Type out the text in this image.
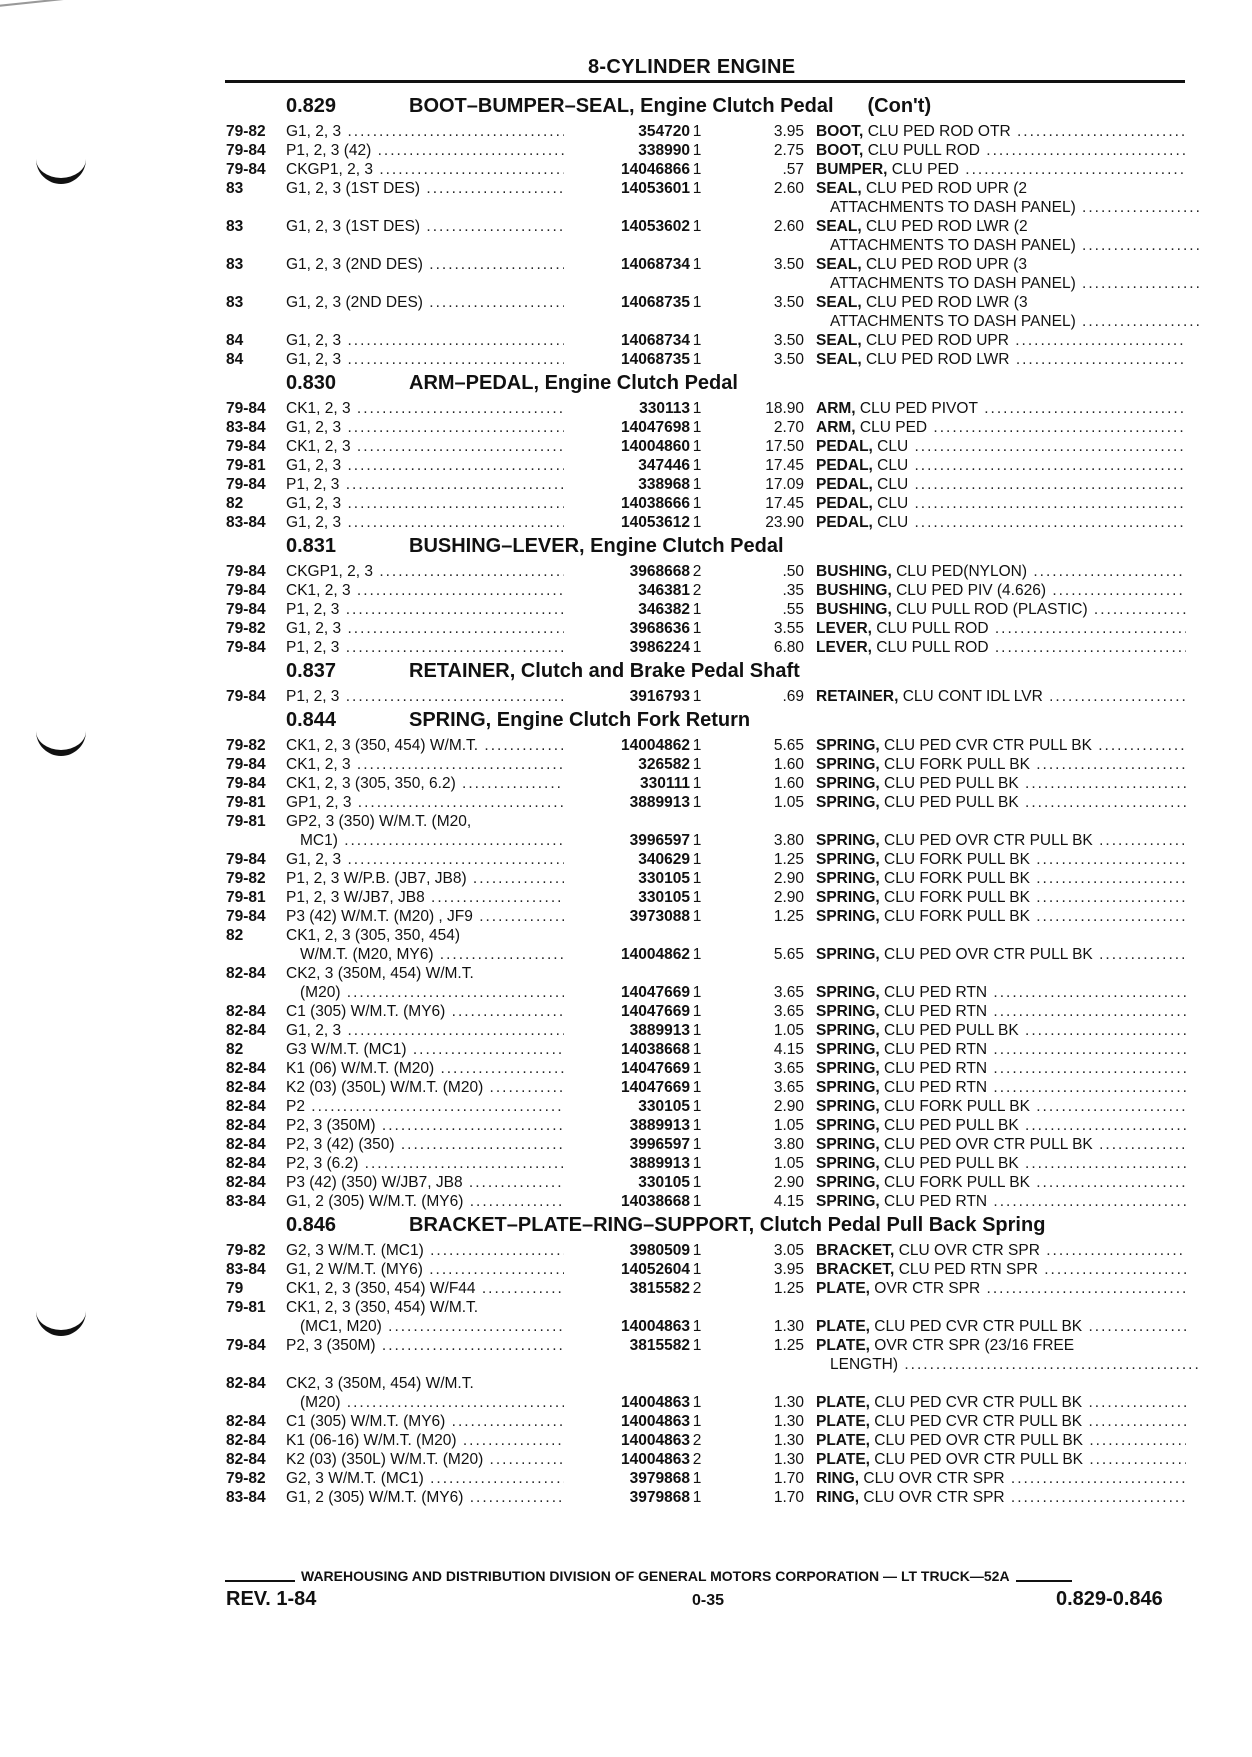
8-CYLINDER ENGINE
0.829	BOOT–BUMPER–SEAL, Engine Clutch Pedal (Con't)
79-82	G1, 2, 3 .....	354720 1	3.95 BOOT, CLU PED ROD OTR .....
79-84	P1, 2, 3 (42) .....	338990 1	2.75 BOOT, CLU PULL ROD .....
79-84	CKGP1, 2, 3 .....	14046866 1	.57 BUMPER, CLU PED .....
83	G1, 2, 3 (1ST DES) .....	14053601 1	2.60 SEAL, CLU PED ROD UPR (2
ATTACHMENTS TO DASH PANEL) .....
83	G1, 2, 3 (1ST DES) .....	14053602 1	2.60 SEAL, CLU PED ROD LWR (2
ATTACHMENTS TO DASH PANEL) .....
83	G1, 2, 3 (2ND DES) .....	14068734 1	3.50 SEAL, CLU PED ROD UPR (3
ATTACHMENTS TO DASH PANEL) .....
83	G1, 2, 3 (2ND DES) .....	14068735 1	3.50 SEAL, CLU PED ROD LWR (3
ATTACHMENTS TO DASH PANEL) .....
84	G1, 2, 3 .....	14068734 1	3.50 SEAL, CLU PED ROD UPR .....
84	G1, 2, 3 .....	14068735 1	3.50 SEAL, CLU PED ROD LWR .....
0.830	ARM–PEDAL, Engine Clutch Pedal
79-84	CK1, 2, 3 .....	330113 1	18.90 ARM, CLU PED PIVOT .....
83-84	G1, 2, 3 .....	14047698 1	2.70 ARM, CLU PED .....
79-84	CK1, 2, 3 .....	14004860 1	17.50 PEDAL, CLU .....
79-81	G1, 2, 3 .....	347446 1	17.45 PEDAL, CLU .....
79-84	P1, 2, 3 .....	338968 1	17.09 PEDAL, CLU .....
82	G1, 2, 3 .....	14038666 1	17.45 PEDAL, CLU .....
83-84	G1, 2, 3 .....	14053612 1	23.90 PEDAL, CLU .....
0.831	BUSHING–LEVER, Engine Clutch Pedal
79-84	CKGP1, 2, 3 .....	3968668 2	.50 BUSHING, CLU PED(NYLON) .....
79-84	CK1, 2, 3 .....	346381 2	.35 BUSHING, CLU PED PIV (4.626) .....
79-84	P1, 2, 3 .....	346382 1	.55 BUSHING, CLU PULL ROD (PLASTIC) .....
79-82	G1, 2, 3 .....	3968636 1	3.55 LEVER, CLU PULL ROD .....
79-84	P1, 2, 3 .....	3986224 1	6.80 LEVER, CLU PULL ROD .....
0.837	RETAINER, Clutch and Brake Pedal Shaft
79-84	P1, 2, 3 .....	3916793 1	.69 RETAINER, CLU CONT IDL LVR .....
0.844	SPRING, Engine Clutch Fork Return
79-82	CK1, 2, 3 (350, 454) W/M.T. .....	14004862 1	5.65 SPRING, CLU PED CVR CTR PULL BK .....
79-84	CK1, 2, 3 .....	326582 1	1.60 SPRING, CLU FORK PULL BK .....
79-84	CK1, 2, 3 (305, 350, 6.2) .....	330111 1	1.60 SPRING, CLU PED PULL BK .....
79-81	GP1, 2, 3 .....	3889913 1	1.05 SPRING, CLU PED PULL BK .....
79-81	GP2, 3 (350) W/M.T. (M20,
MC1) .....	3996597 1	3.80 SPRING, CLU PED OVR CTR PULL BK .....
79-84	G1, 2, 3 .....	340629 1	1.25 SPRING, CLU FORK PULL BK .....
79-82	P1, 2, 3 W/P.B. (JB7, JB8) .....	330105 1	2.90 SPRING, CLU FORK PULL BK .....
79-81	P1, 2, 3 W/JB7, JB8 .....	330105 1	2.90 SPRING, CLU FORK PULL BK .....
79-84	P3 (42) W/M.T. (M20) , JF9 .....	3973088 1	1.25 SPRING, CLU FORK PULL BK .....
82	CK1, 2, 3 (305, 350, 454)
W/M.T. (M20, MY6) .....	14004862 1	5.65 SPRING, CLU PED OVR CTR PULL BK .....
82-84	CK2, 3 (350M, 454) W/M.T.
(M20) .....	14047669 1	3.65 SPRING, CLU PED RTN .....
82-84	C1 (305) W/M.T. (MY6) .....	14047669 1	3.65 SPRING, CLU PED RTN .....
82-84	G1, 2, 3 .....	3889913 1	1.05 SPRING, CLU PED PULL BK .....
82	G3 W/M.T. (MC1) .....	14038668 1	4.15 SPRING, CLU PED RTN .....
82-84	K1 (06) W/M.T. (M20) .....	14047669 1	3.65 SPRING, CLU PED RTN .....
82-84	K2 (03) (350L) W/M.T. (M20) .....	14047669 1	3.65 SPRING, CLU PED RTN .....
82-84	P2 .....	330105 1	2.90 SPRING, CLU FORK PULL BK .....
82-84	P2, 3 (350M) .....	3889913 1	1.05 SPRING, CLU PED PULL BK .....
82-84	P2, 3 (42) (350) .....	3996597 1	3.80 SPRING, CLU PED OVR CTR PULL BK .....
82-84	P2, 3 (6.2) .....	3889913 1	1.05 SPRING, CLU PED PULL BK .....
82-84	P3 (42) (350) W/JB7, JB8 .....	330105 1	2.90 SPRING, CLU FORK PULL BK .....
83-84	G1, 2 (305) W/M.T. (MY6) .....	14038668 1	4.15 SPRING, CLU PED RTN .....
0.846	BRACKET–PLATE–RING–SUPPORT, Clutch Pedal Pull Back Spring
79-82	G2, 3 W/M.T. (MC1) .....	3980509 1	3.05 BRACKET, CLU OVR CTR SPR .....
83-84	G1, 2 W/M.T. (MY6) .....	14052604 1	3.95 BRACKET, CLU PED RTN SPR .....
79	CK1, 2, 3 (350, 454) W/F44 .....	3815582 2	1.25 PLATE, OVR CTR SPR .....
79-81	CK1, 2, 3 (350, 454) W/M.T.
(MC1, M20) .....	14004863 1	1.30 PLATE, CLU PED CVR CTR PULL BK .....
79-84	P2, 3 (350M) .....	3815582 1	1.25 PLATE, OVR CTR SPR (23/16 FREE
LENGTH) .....
82-84	CK2, 3 (350M, 454) W/M.T.
(M20) .....	14004863 1	1.30 PLATE, CLU PED CVR CTR PULL BK .....
82-84	C1 (305) W/M.T. (MY6) .....	14004863 1	1.30 PLATE, CLU PED CVR CTR PULL BK .....
82-84	K1 (06-16) W/M.T. (M20) .....	14004863 2	1.30 PLATE, CLU PED OVR CTR PULL BK .....
82-84	K2 (03) (350L) W/M.T. (M20) .....	14004863 2	1.30 PLATE, CLU PED OVR CTR PULL BK .....
79-82	G2, 3 W/M.T. (MC1) .....	3979868 1	1.70 RING, CLU OVR CTR SPR .....
83-84	G1, 2 (305) W/M.T. (MY6) .....	3979868 1	1.70 RING, CLU OVR CTR SPR .....
WAREHOUSING AND DISTRIBUTION DIVISION OF GENERAL MOTORS CORPORATION — LT TRUCK—52A
REV. 1-84	0-35	0.829-0.846
